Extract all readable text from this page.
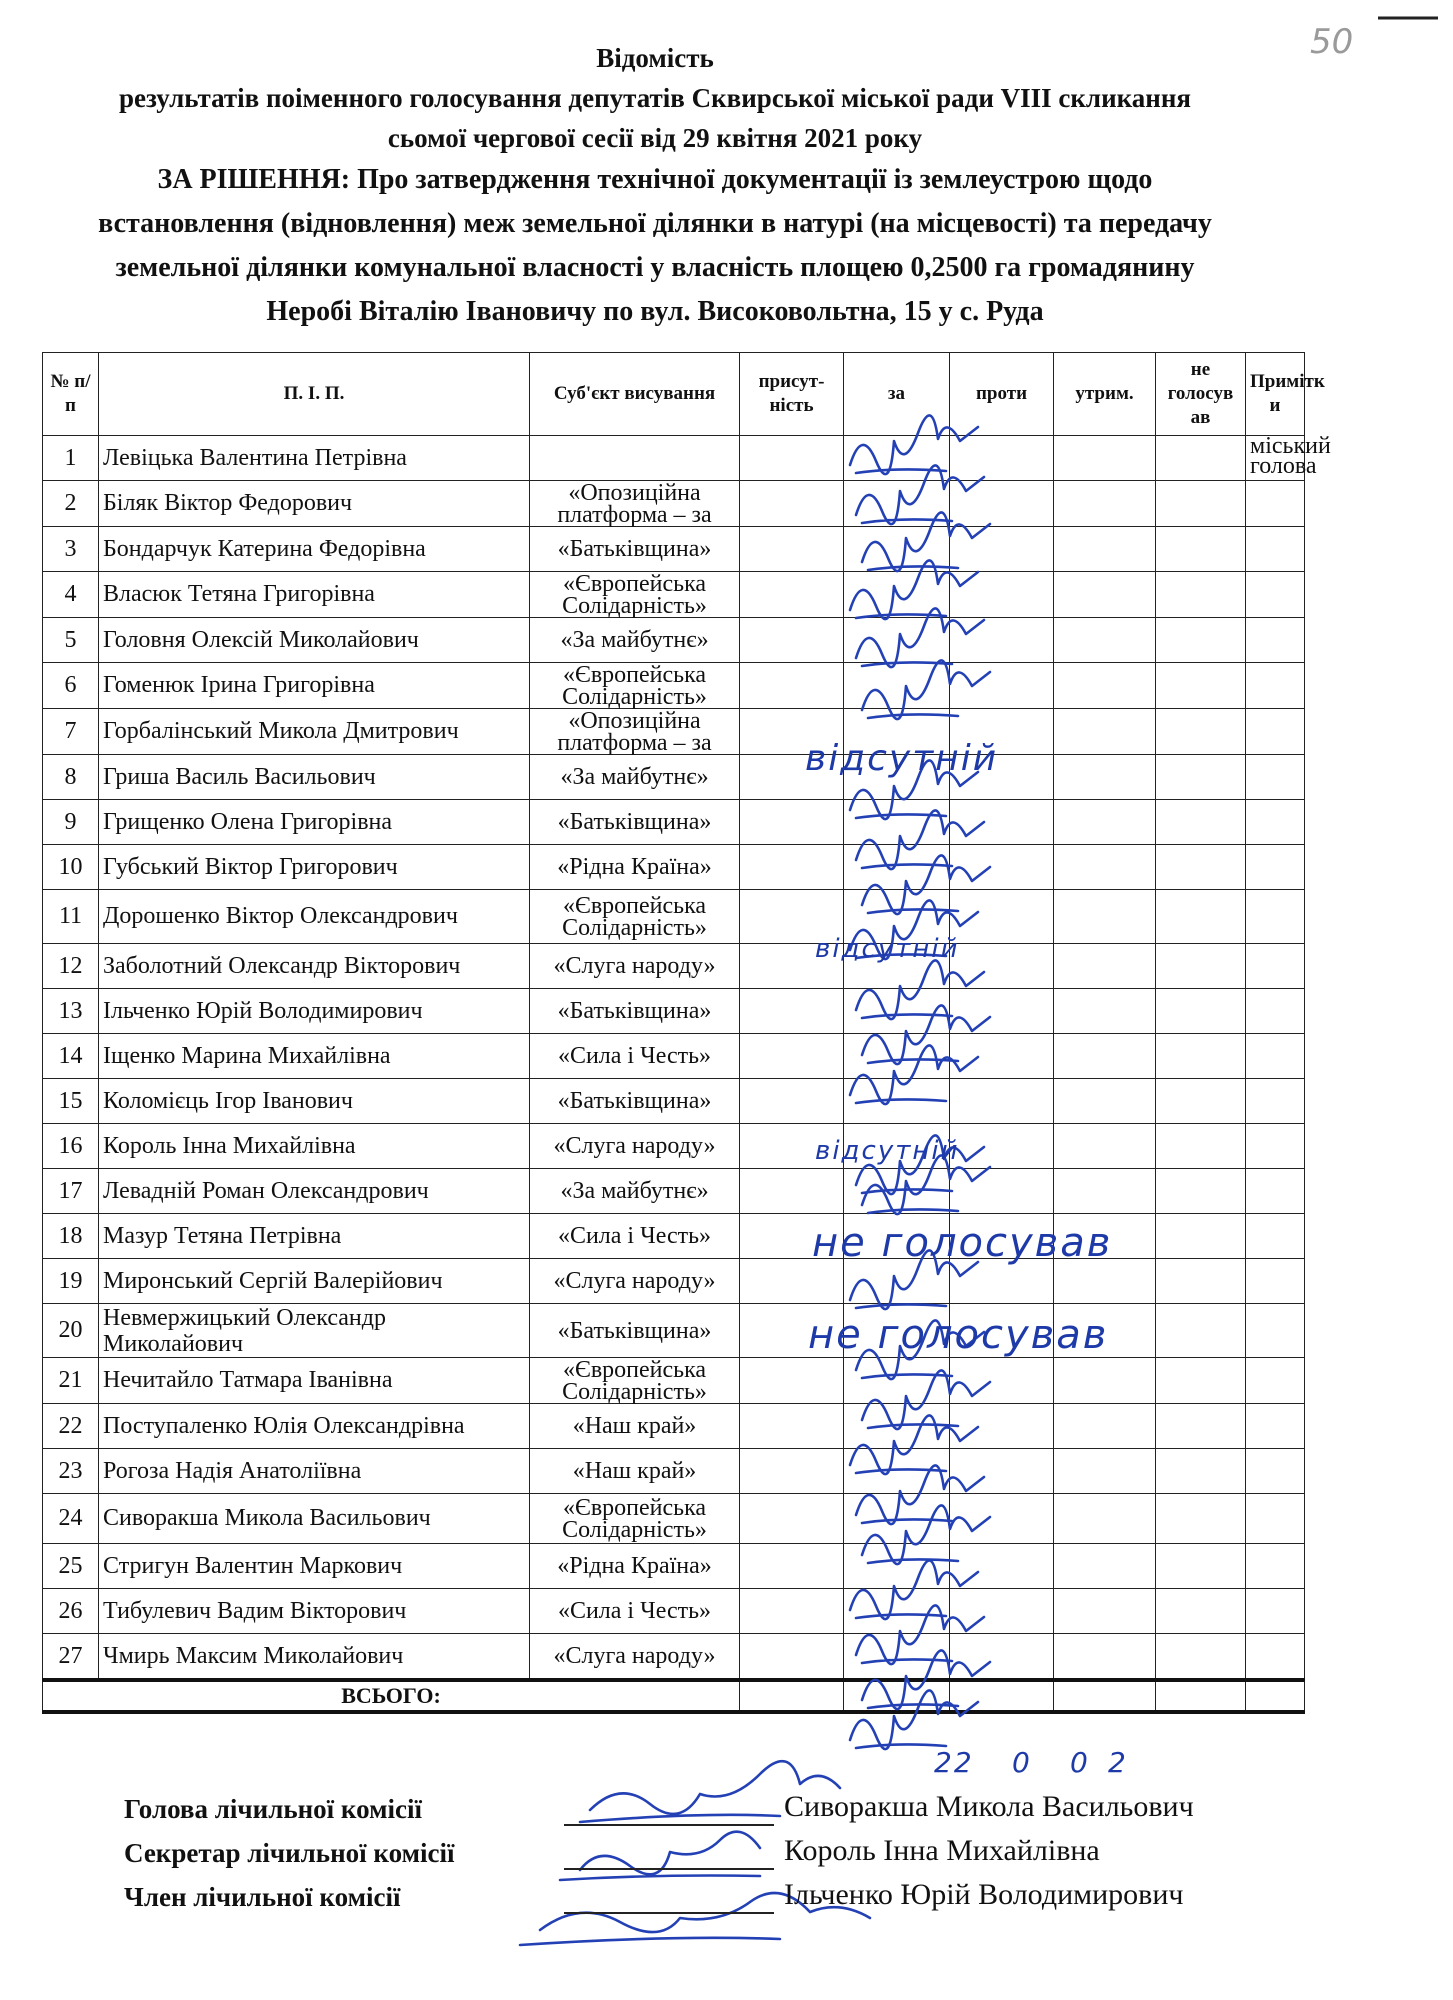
50
Відомість
результатів поіменного голосування депутатів Сквирської міської ради VIII скликання
сьомої чергової сесії від 29 квітня 2021 року
ЗА РІШЕННЯ: Про затвердження технічної документації із землеустрою щодо
встановлення (відновлення) меж земельної ділянки в натурі (на місцевості) та передачу
земельної ділянки комунальної власності у власність площею 0,2500 га громадянину
Неробі Віталію Івановичу по вул. Високовольтна, 15 у с. Руда
№ п/п	П. І. П.	Суб'єкт висування	присут-ність	за	проти	утрим.	не голосув ав	Примітк и
1	Левіцька Валентина Петрівна							міський голова
2	Біляк Віктор Федорович	«Опозиційна платформа – за						
3	Бондарчук Катерина Федорівна	«Батьківщина»						
4	Власюк Тетяна Григорівна	«Європейська Солідарність»						
5	Головня Олексій Миколайович	«За майбутнє»						
6	Гоменюк Ірина Григорівна	«Європейська Солідарність»						
7	Горбалінський Микола Дмитрович	«Опозиційна платформа – за						
8	Гриша Василь Васильович	«За майбутнє»						
9	Грищенко Олена Григорівна	«Батьківщина»						
10	Губський Віктор Григорович	«Рідна Країна»						
11	Дорошенко Віктор Олександрович	«Європейська Солідарність»						
12	Заболотний Олександр Вікторович	«Слуга народу»						
13	Ільченко Юрій Володимирович	«Батьківщина»						
14	Іщенко Марина Михайлівна	«Сила і Честь»						
15	Коломієць Ігор Іванович	«Батьківщина»						
16	Король Інна Михайлівна	«Слуга народу»						
17	Левадній Роман Олександрович	«За майбутнє»						
18	Мазур Тетяна Петрівна	«Сила і Честь»						
19	Миронський Сергій Валерійович	«Слуга народу»						
20	Невмержицький Олександр Миколайович	«Батьківщина»						
21	Нечитайло Татмара Іванівна	«Європейська Солідарність»						
22	Поступаленко Юлія Олександрівна	«Наш край»						
23	Рогоза Надія Анатоліївна	«Наш край»						
24	Сиворакша Микола Васильович	«Європейська Солідарність»						
25	Стригун Валентин Маркович	«Рідна Країна»						
26	Тибулевич Вадим Вікторович	«Сила і Честь»						
27	Чмирь Максим Миколайович	«Слуга народу»						
ВСЬОГО:								
відсутній
відсутній
відсутній
не голосував
не голосував
22 0 0 2
Голова лічильної комісії	Сиворакша Микола Васильович
Секретар лічильної комісії	Король Інна Михайлівна
Член лічильної комісії	Ільченко Юрій Володимирович
